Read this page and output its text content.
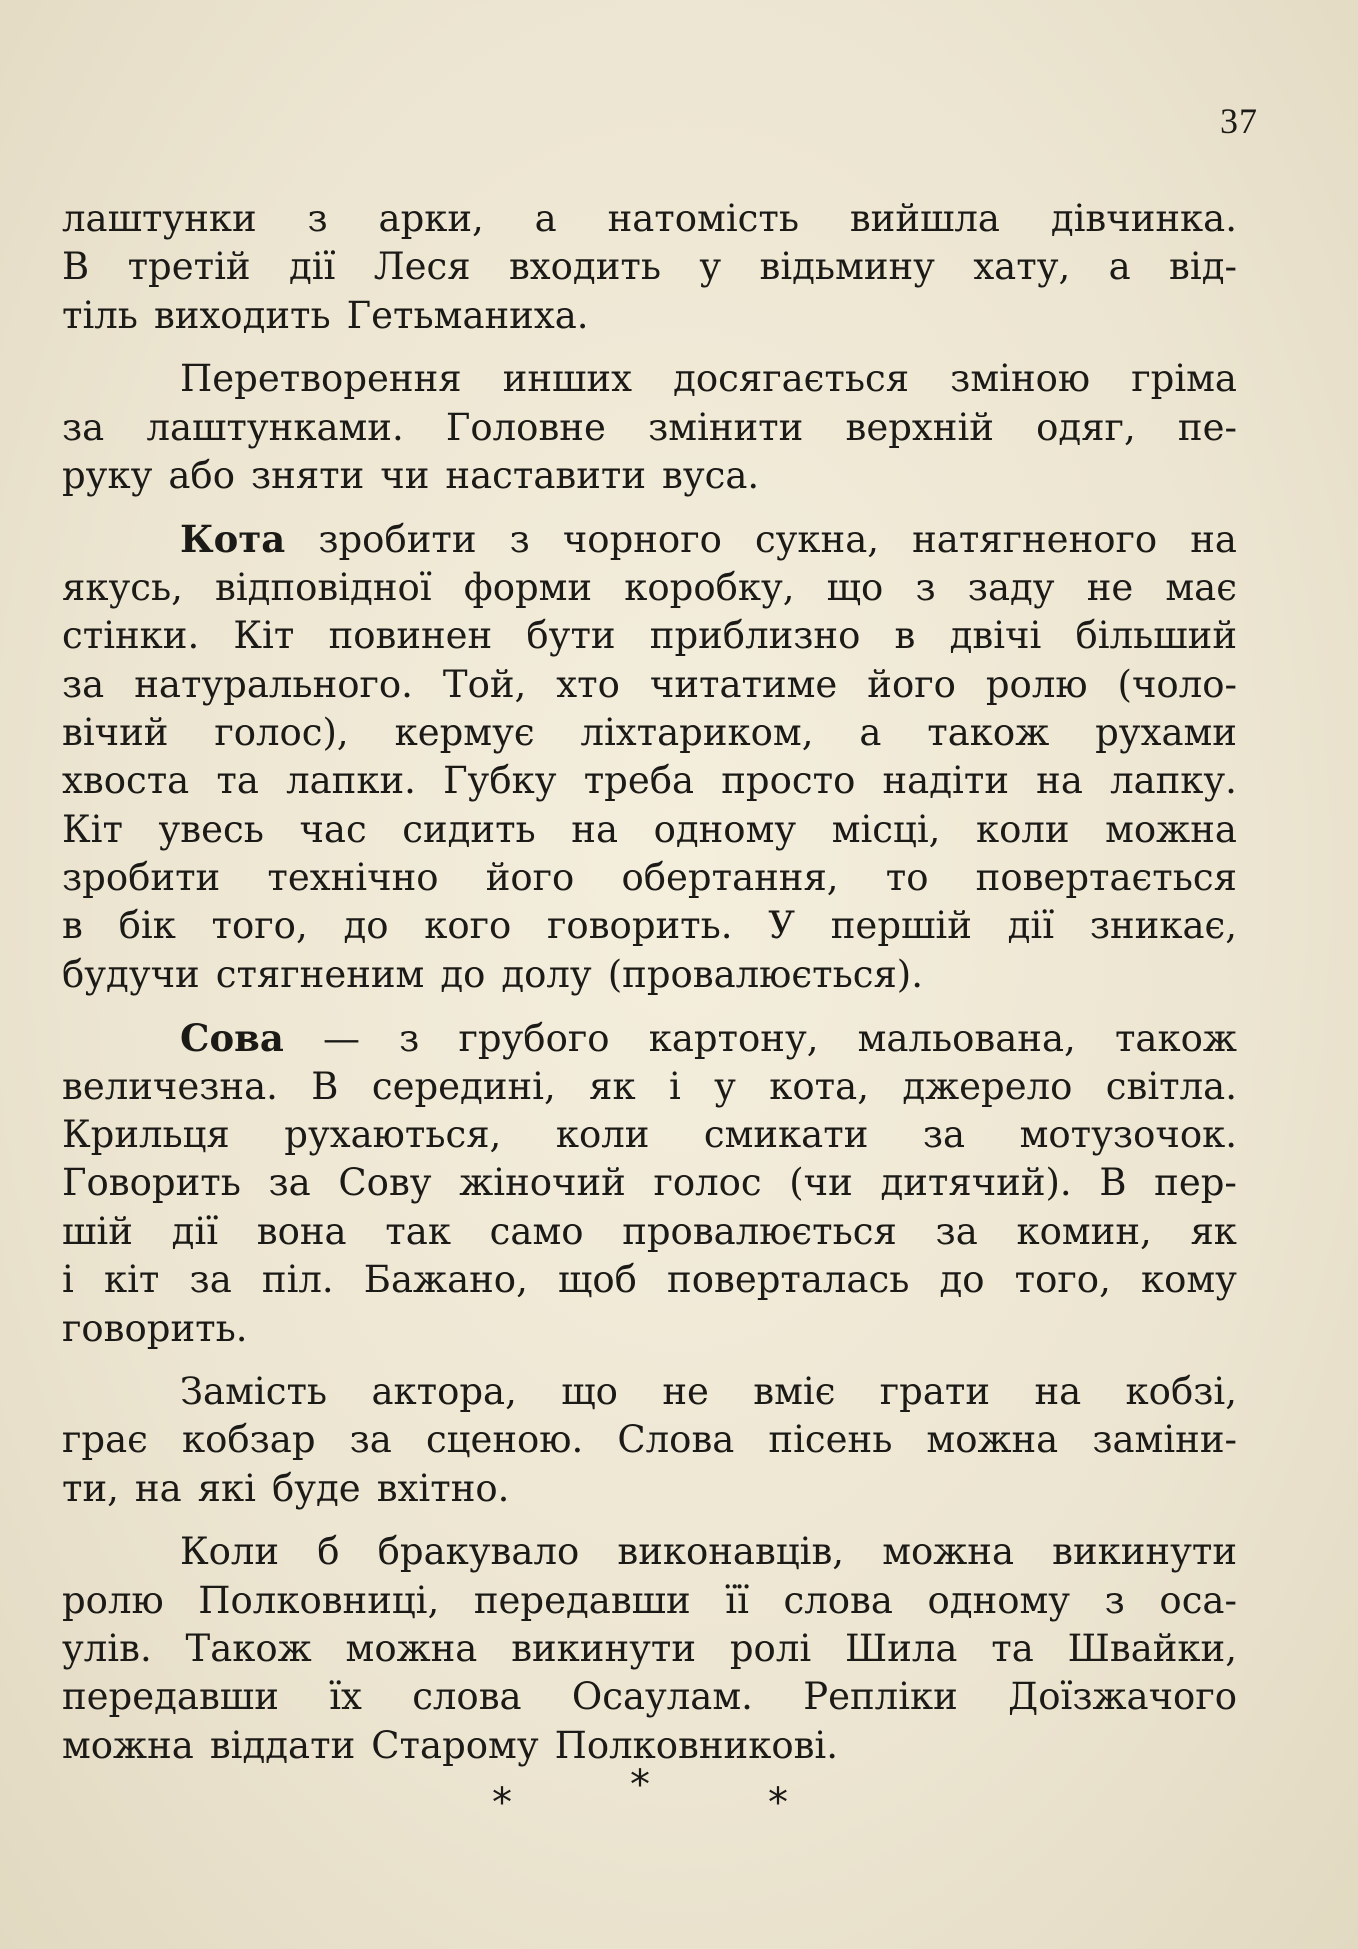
37
лаштунки з арки, а натомість вийшла дівчинка.
В третій дії Леся входить у відьмину хату, а від-
тіль виходить Гетьманиха.
Перетворення инших досягається зміною гріма
за лаштунками. Головне змінити верхній одяг, пе-
руку або зняти чи наставити вуса.
Кота зробити з чорного сукна, натягненого на
якусь, відповідної форми коробку, що з заду не має
стінки. Кіт повинен бути приблизно в двічі більший
за натурального. Той, хто читатиме його ролю (чоло-
вічий голос), кермує ліхтариком, а також рухами
хвоста та лапки. Губку треба просто надіти на лапку.
Кіт увесь час сидить на одному місці, коли можна
зробити технічно його обертання, то повертається
в бік того, до кого говорить. У першій дії зникає,
будучи стягненим до долу (провалюється).
Сова — з грубого картону, мальована, також
величезна. В середині, як і у кота, джерело світла.
Крильця рухаються, коли смикати за мотузочок.
Говорить за Сову жіночий голос (чи дитячий). В пер-
шій дії вона так само провалюється за комин, як
і кіт за піл. Бажано, щоб поверталась до того, кому
говорить.
Замість актора, що не вміє грати на кобзі,
грає кобзар за сценою. Слова пісень можна заміни-
ти, на які буде вхітно.
Коли б бракувало виконавців, можна викинути
ролю Полковниці, передавши її слова одному з оса-
улів. Також можна викинути ролі Шила та Швайки,
передавши їх слова Осаулам. Репліки Доїзжачого
можна віддати Старому Полковникові.
*	*	*
